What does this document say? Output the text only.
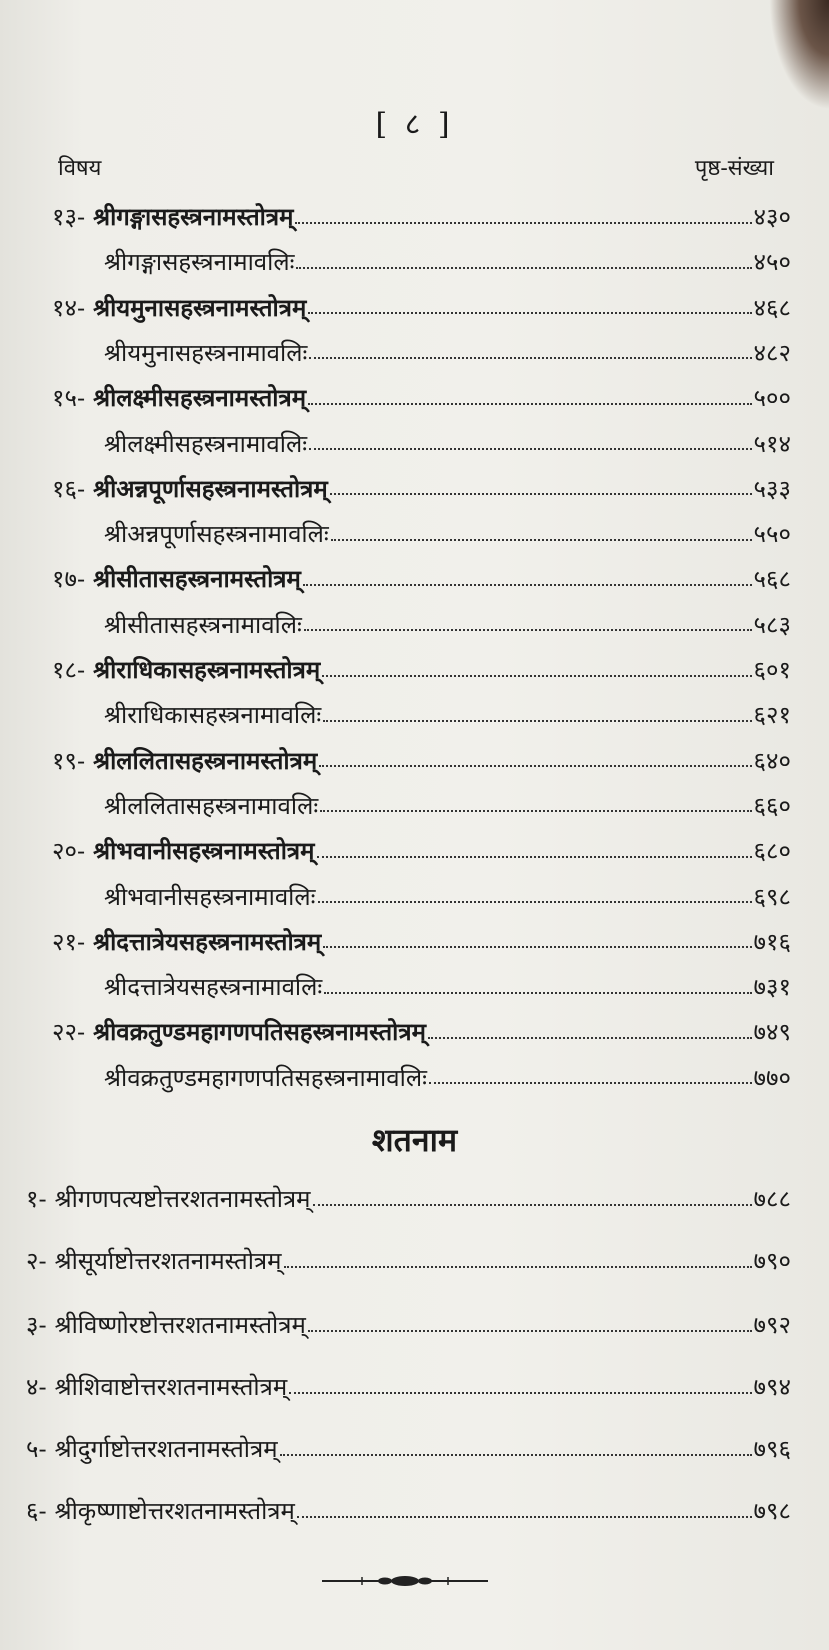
[ ८ ]
विषय	पृष्ठ-संख्या
१३- श्रीगङ्गासहस्त्रनामस्तोत्रम्	४३०
श्रीगङ्गासहस्त्रनामावलिः	४५०
१४- श्रीयमुनासहस्त्रनामस्तोत्रम्	४६८
श्रीयमुनासहस्त्रनामावलिः	४८२
१५- श्रीलक्ष्मीसहस्त्रनामस्तोत्रम्	५००
श्रीलक्ष्मीसहस्त्रनामावलिः	५१४
१६- श्रीअन्नपूर्णासहस्त्रनामस्तोत्रम्	५३३
श्रीअन्नपूर्णासहस्त्रनामावलिः	५५०
१७- श्रीसीतासहस्त्रनामस्तोत्रम्	५६८
श्रीसीतासहस्त्रनामावलिः	५८३
१८- श्रीराधिकासहस्त्रनामस्तोत्रम्	६०१
श्रीराधिकासहस्त्रनामावलिः	६२१
१९- श्रीललितासहस्त्रनामस्तोत्रम्	६४०
श्रीललितासहस्त्रनामावलिः	६६०
२०- श्रीभवानीसहस्त्रनामस्तोत्रम्	६८०
श्रीभवानीसहस्त्रनामावलिः	६९८
२१- श्रीदत्तात्रेयसहस्त्रनामस्तोत्रम्	७१६
श्रीदत्तात्रेयसहस्त्रनामावलिः	७३१
२२- श्रीवक्रतुण्डमहागणपतिसहस्त्रनामस्तोत्रम्	७४९
श्रीवक्रतुण्डमहागणपतिसहस्त्रनामावलिः	७७०
शतनाम
१- श्रीगणपत्यष्टोत्तरशतनामस्तोत्रम्	७८८
२- श्रीसूर्याष्टोत्तरशतनामस्तोत्रम्	७९०
३- श्रीविष्णोरष्टोत्तरशतनामस्तोत्रम्	७९२
४- श्रीशिवाष्टोत्तरशतनामस्तोत्रम्	७९४
५- श्रीदुर्गाष्टोत्तरशतनामस्तोत्रम्	७९६
६- श्रीकृष्णाष्टोत्तरशतनामस्तोत्रम्	७९८
